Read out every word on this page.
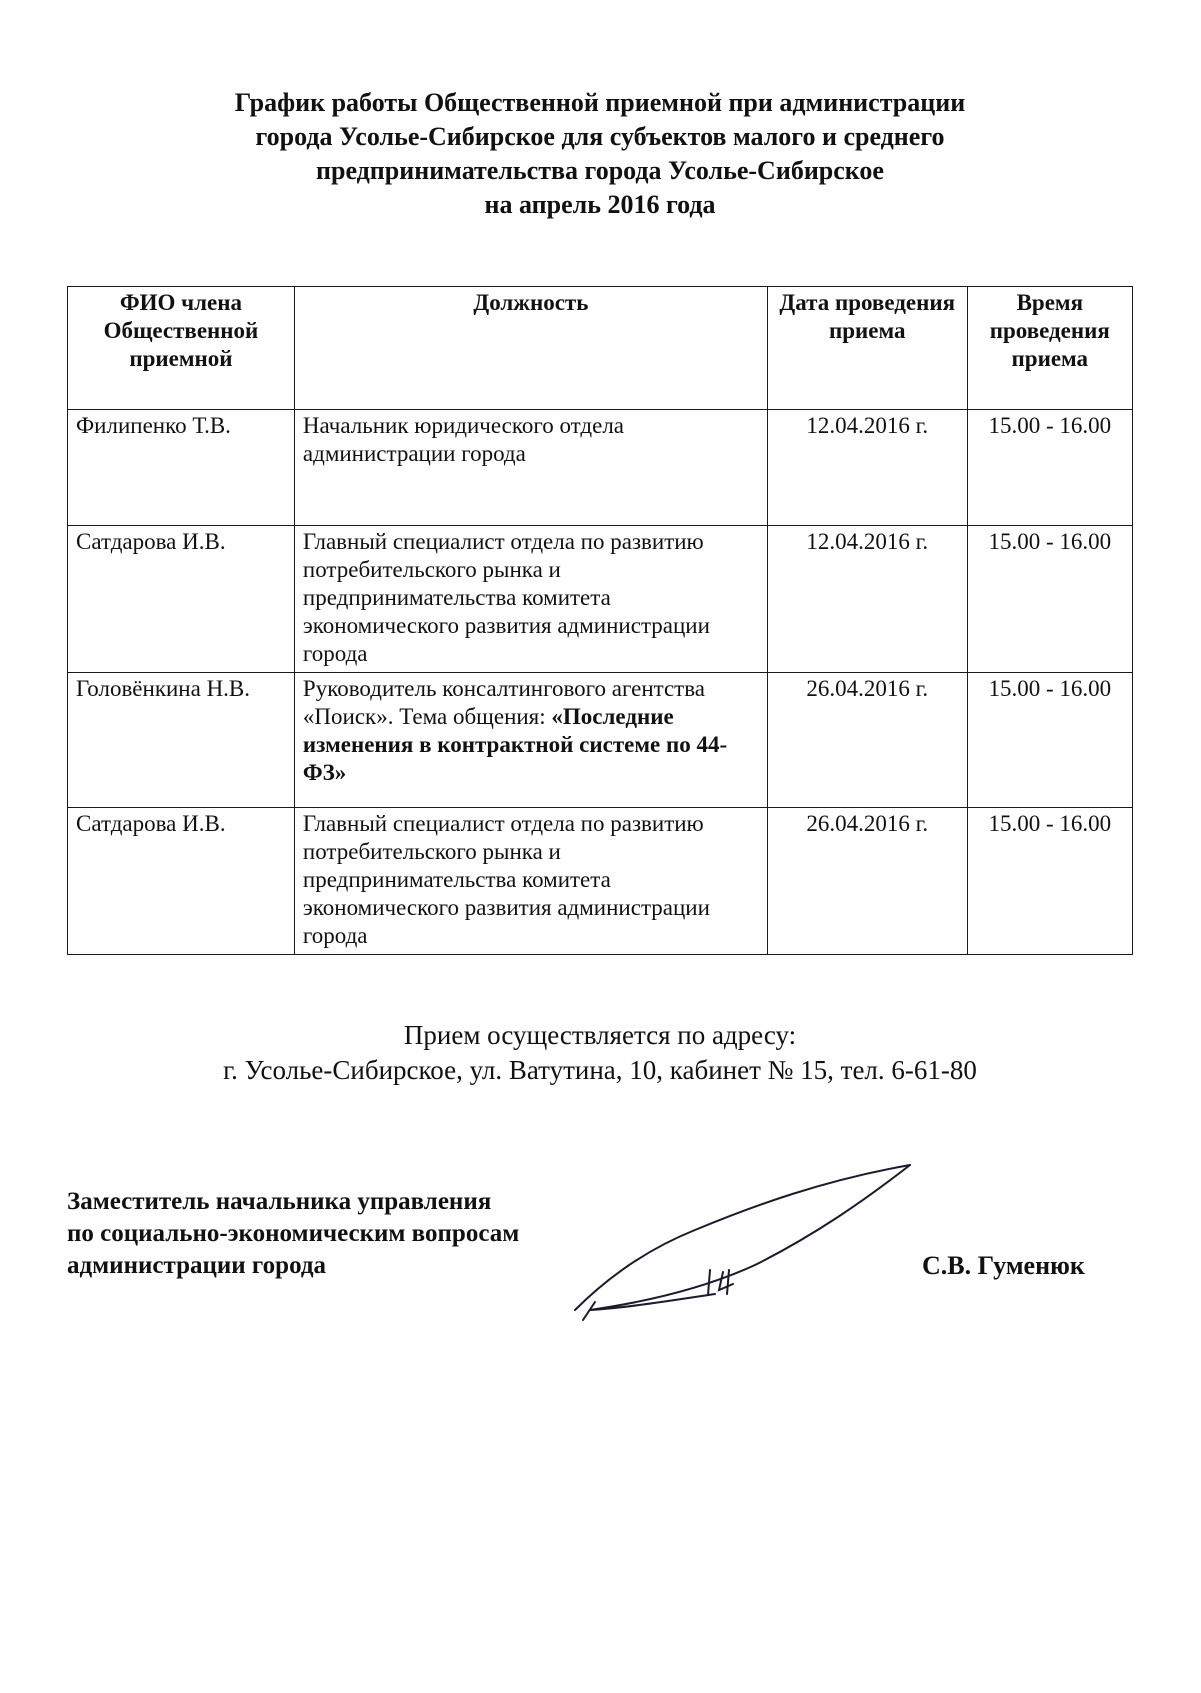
График работы Общественной приемной при администрации
города Усолье-Сибирское для субъектов малого и среднего
предпринимательства города Усолье-Сибирское
на апрель 2016 года
ФИО члена Общественной приемной	Должность	Дата проведения приема	Время проведения приема
Филипенко Т.В.	Начальник юридического отдела администрации города	12.04.2016 г.	15.00 - 16.00
Сатдарова И.В.	Главный специалист отдела по развитию потребительского рынка и предпринимательства комитета экономического развития администрации города	12.04.2016 г.	15.00 - 16.00
Головёнкина Н.В.	Руководитель консалтингового агентства «Поиск». Тема общения: «Последние изменения в контрактной системе по 44-ФЗ»	26.04.2016 г.	15.00 - 16.00
Сатдарова И.В.	Главный специалист отдела по развитию потребительского рынка и предпринимательства комитета экономического развития администрации города	26.04.2016 г.	15.00 - 16.00
Прием осуществляется по адресу:
г. Усолье-Сибирское, ул. Ватутина, 10, кабинет № 15, тел. 6-61-80
Заместитель начальника управления
по социально-экономическим вопросам
администрации города	С.В. Гуменюк
